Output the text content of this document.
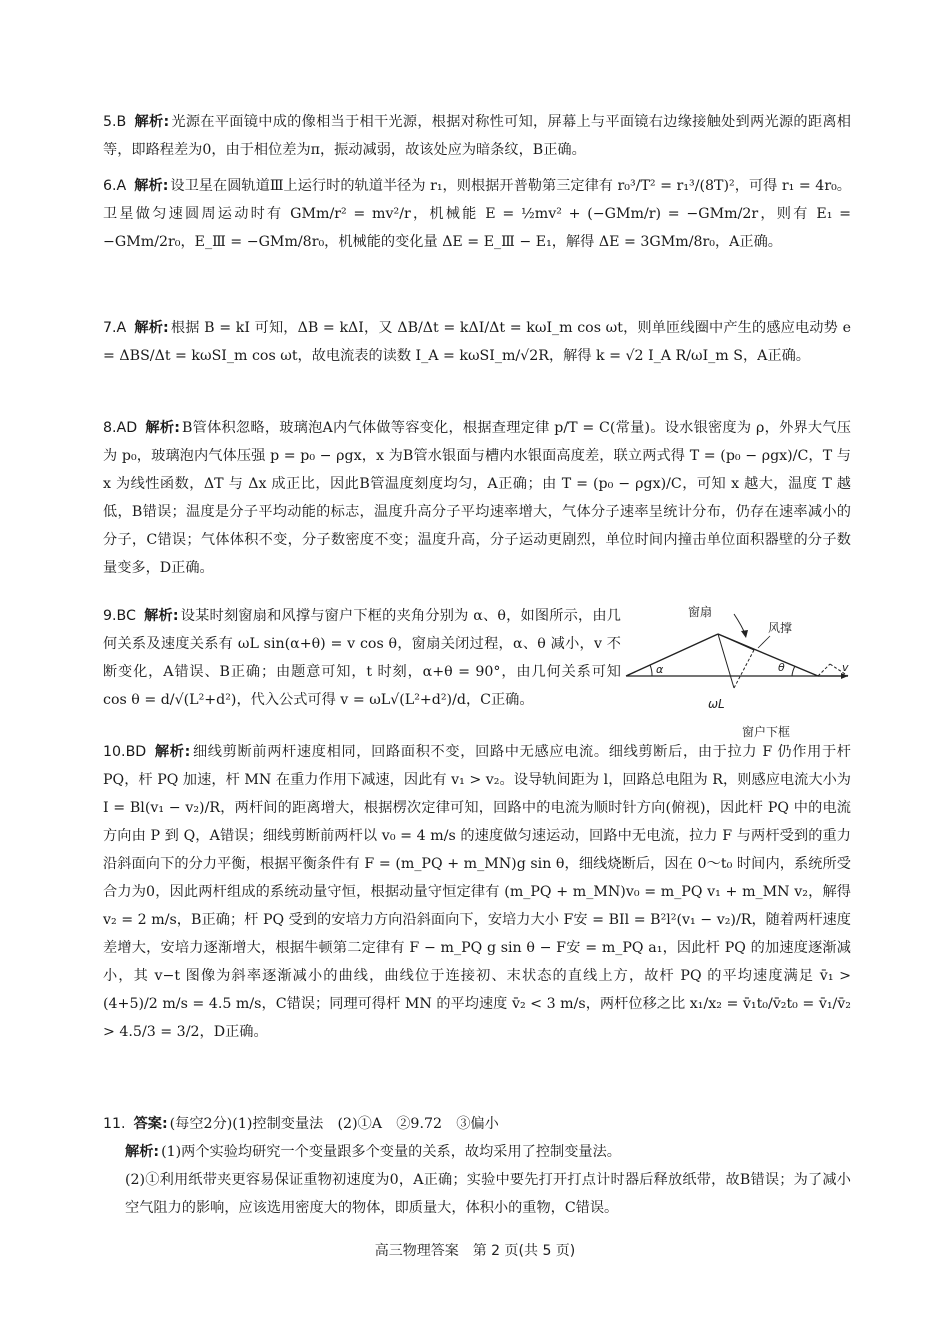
5.B 解析: 光源在平面镜中成的像相当于相干光源，根据对称性可知，屏幕上与平面镜右边缘接触处到两光源的距离相等，即路程差为0，由于相位差为π，振动减弱，故该处应为暗条纹，B正确。
6.A 解析: 设卫星在圆轨道Ⅲ上运行时的轨道半径为 r₁，则根据开普勒第三定律有 r₀³/T² = r₁³/(8T)²，可得 r₁ = 4r₀。卫星做匀速圆周运动时有 GMm/r² = mv²/r，机械能 E = ½mv² + (−GMm/r) = −GMm/2r，则有 E₁ = −GMm/2r₀，E_Ⅲ = −GMm/8r₀，机械能的变化量 ΔE = E_Ⅲ − E₁，解得 ΔE = 3GMm/8r₀，A正确。
7.A 解析: 根据 B = kI 可知，ΔB = kΔI，又 ΔB/Δt = kΔI/Δt = kωI_m cos ωt，则单匝线圈中产生的感应电动势 e = ΔBS/Δt = kωSI_m cos ωt，故电流表的读数 I_A = kωSI_m/√2R，解得 k = √2 I_A R/ωI_m S，A正确。
8.AD 解析: B管体积忽略，玻璃泡A内气体做等容变化，根据查理定律 p/T = C(常量)。设水银密度为 ρ，外界大气压为 p₀，玻璃泡内气体压强 p = p₀ − ρgx，x 为B管水银面与槽内水银面高度差，联立两式得 T = (p₀ − ρgx)/C，T 与 x 为线性函数，ΔT 与 Δx 成正比，因此B管温度刻度均匀，A正确；由 T = (p₀ − ρgx)/C，可知 x 越大，温度 T 越低，B错误；温度是分子平均动能的标志，温度升高分子平均速率增大，气体分子速率呈统计分布，仍存在速率减小的分子，C错误；气体体积不变，分子数密度不变；温度升高，分子运动更剧烈，单位时间内撞击单位面积器壁的分子数量变多，D正确。
9.BC 解析: 设某时刻窗扇和风撑与窗户下框的夹角分别为 α、θ，如图所示，由几何关系及速度关系有 ωL sin(α+θ) = v cos θ，窗扇关闭过程，α、θ 减小，v 不断变化，A错误、B正确；由题意可知，t 时刻，α+θ = 90°，由几何关系可知 cos θ = d/√(L²+d²)，代入公式可得 v = ωL√(L²+d²)/d，C正确。
窗扇
风撑
α	θ	v
ωL
窗户下框
10.BD 解析: 细线剪断前两杆速度相同，回路面积不变，回路中无感应电流。细线剪断后，由于拉力 F 仍作用于杆 PQ，杆 PQ 加速，杆 MN 在重力作用下减速，因此有 v₁ > v₂。设导轨间距为 l，回路总电阻为 R，则感应电流大小为 I = Bl(v₁ − v₂)/R，两杆间的距离增大，根据楞次定律可知，回路中的电流为顺时针方向(俯视)，因此杆 PQ 中的电流方向由 P 到 Q，A错误；细线剪断前两杆以 v₀ = 4 m/s 的速度做匀速运动，回路中无电流，拉力 F 与两杆受到的重力沿斜面向下的分力平衡，根据平衡条件有 F = (m_PQ + m_MN)g sin θ，细线烧断后，因在 0～t₀ 时间内，系统所受合力为0，因此两杆组成的系统动量守恒，根据动量守恒定律有 (m_PQ + m_MN)v₀ = m_PQ v₁ + m_MN v₂，解得 v₂ = 2 m/s，B正确；杆 PQ 受到的安培力方向沿斜面向下，安培力大小 F安 = BIl = B²l²(v₁ − v₂)/R，随着两杆速度差增大，安培力逐渐增大，根据牛顿第二定律有 F − m_PQ g sin θ − F安 = m_PQ a₁，因此杆 PQ 的加速度逐渐减小，其 v−t 图像为斜率逐渐减小的曲线，曲线位于连接初、末状态的直线上方，故杆 PQ 的平均速度满足 v̄₁ > (4+5)/2 m/s = 4.5 m/s，C错误；同理可得杆 MN 的平均速度 v̄₂ < 3 m/s，两杆位移之比 x₁/x₂ = v̄₁t₀/v̄₂t₀ = v̄₁/v̄₂ > 4.5/3 = 3/2，D正确。
11. 答案: (每空2分)(1)控制变量法　(2)①A　②9.72　③偏小
解析: (1)两个实验均研究一个变量跟多个变量的关系，故均采用了控制变量法。
(2)①利用纸带夹更容易保证重物初速度为0，A正确；实验中要先打开打点计时器后释放纸带，故B错误；为了减小空气阻力的影响，应该选用密度大的物体，即质量大，体积小的重物，C错误。
高三物理答案　第 2 页(共 5 页)
